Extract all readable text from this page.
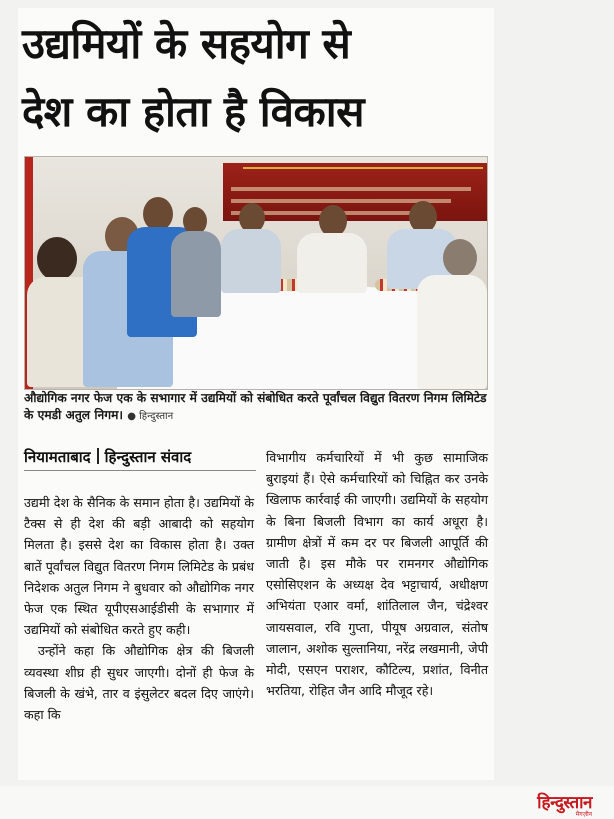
उद्यमियों के सहयोग से
देश का होता है विकास
औद्योगिक नगर फेज एक के सभागार में उद्यमियों को संबोधित करते पूर्वांचल विद्युत वितरण निगम लिमिटेड के एमडी अतुल निगम। ● हिन्दुस्तान
नियामताबाद हिन्दुस्तान संवाद

उद्यमी देश के सैनिक के समान होता है। उद्यमियों के टैक्स से ही देश की बड़ी आबादी को सहयोग मिलता है। इससे देश का विकास होता है। उक्त बातें पूर्वांचल विद्युत वितरण निगम लिमिटेड के प्रबंध निदेशक अतुल निगम ने बुधवार को औद्योगिक नगर फेज एक स्थित यूपीएसआईडीसी के सभागार में उद्यमियों को संबोधित करते हुए कही।

उन्होंने कहा कि औद्योगिक क्षेत्र की बिजली व्यवस्था शीघ्र ही सुधर जाएगी। दोनों ही फेज के बिजली के खंभे, तार व इंसुलेटर बदल दिए जाएंगे। कहा कि

विभागीय कर्मचारियों में भी कुछ सामाजिक बुराइयां हैं। ऐसे कर्मचारियों को चिह्नित कर उनके खिलाफ कार्रवाई की जाएगी। उद्यमियों के सहयोग के बिना बिजली विभाग का कार्य अधूरा है। ग्रामीण क्षेत्रों में कम दर पर बिजली आपूर्ति की जाती है। इस मौके पर रामनगर औद्योगिक एसोसिएशन के अध्यक्ष देव भट्टाचार्य, अधीक्षण अभियंता एआर वर्मा, शांतिलाल जैन, चंद्रेश्वर जायसवाल, रवि गुप्ता, पीयूष अग्रवाल, संतोष जालान, अशोक सुल्तानिया, नरेंद्र लखमानी, जेपी मोदी, एसएन पराशर, कौटिल्य, प्रशांत, विनीत भरतिया, रोहित जैन आदि मौजूद रहे।

हिन्दुस्तान
मैगज़ीन
